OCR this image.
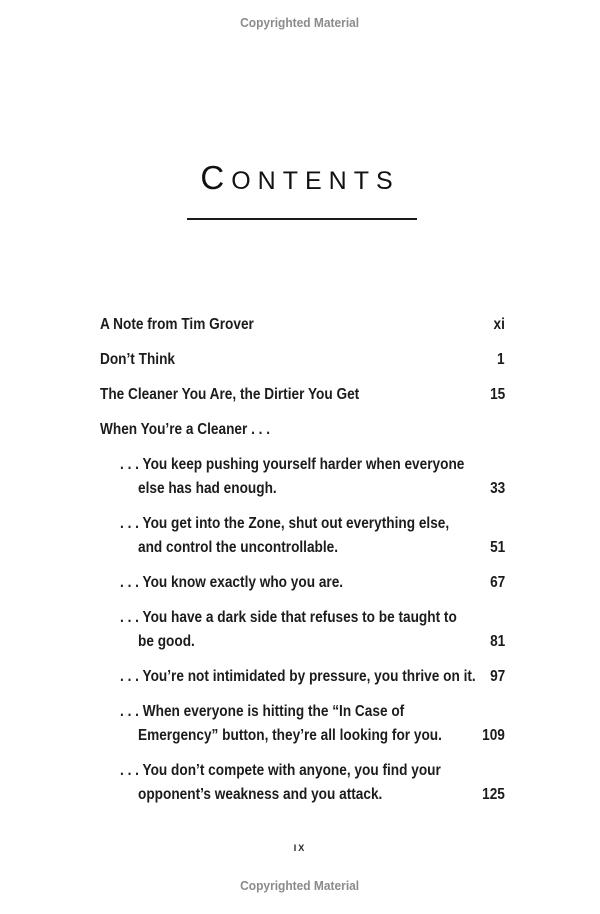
Copyrighted Material
CONTENTS
A Note from Tim Grover	xi
Don’t Think	1
The Cleaner You Are, the Dirtier You Get	15
When You’re a Cleaner . . .
. . . You keep pushing yourself harder when everyone
else has had enough.	33
. . . You get into the Zone, shut out everything else,
and control the uncontrollable.	51
. . . You know exactly who you are.	67
. . . You have a dark side that refuses to be taught to
be good.	81
. . . You’re not intimidated by pressure, you thrive on it. 97
. . . When everyone is hitting the “In Case of
Emergency” button, they’re all looking for you.	109
. . . You don’t compete with anyone, you find your
opponent’s weakness and you attack.	125
ix
Copyrighted Material
